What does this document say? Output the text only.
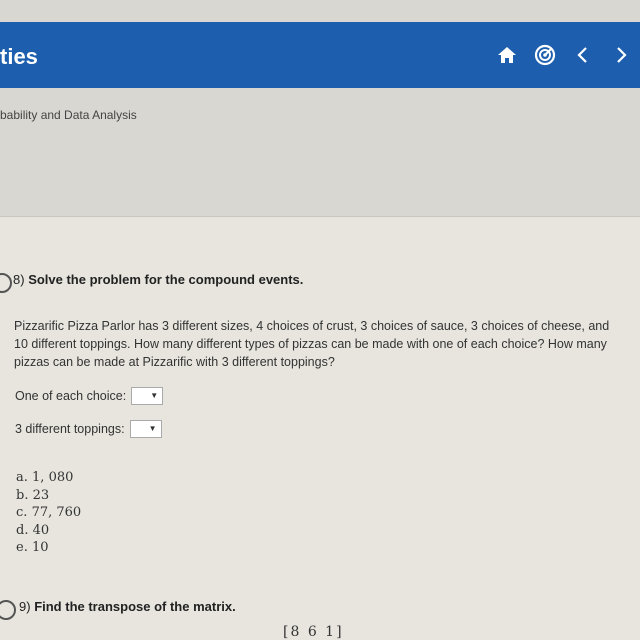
ties
bability and Data Analysis
8) Solve the problem for the compound events.
Pizzarific Pizza Parlor has 3 different sizes, 4 choices of crust, 3 choices of sauce, 3 choices of cheese, and 10 different toppings. How many different types of pizzas can be made with one of each choice? How many pizzas can be made at Pizzarific with 3 different toppings?
One of each choice:	▼
3 different toppings:	▼
a. 1, 080
b. 23
c. 77, 760
d. 40
e. 10
9) Find the transpose of the matrix.
[8 6 1]
